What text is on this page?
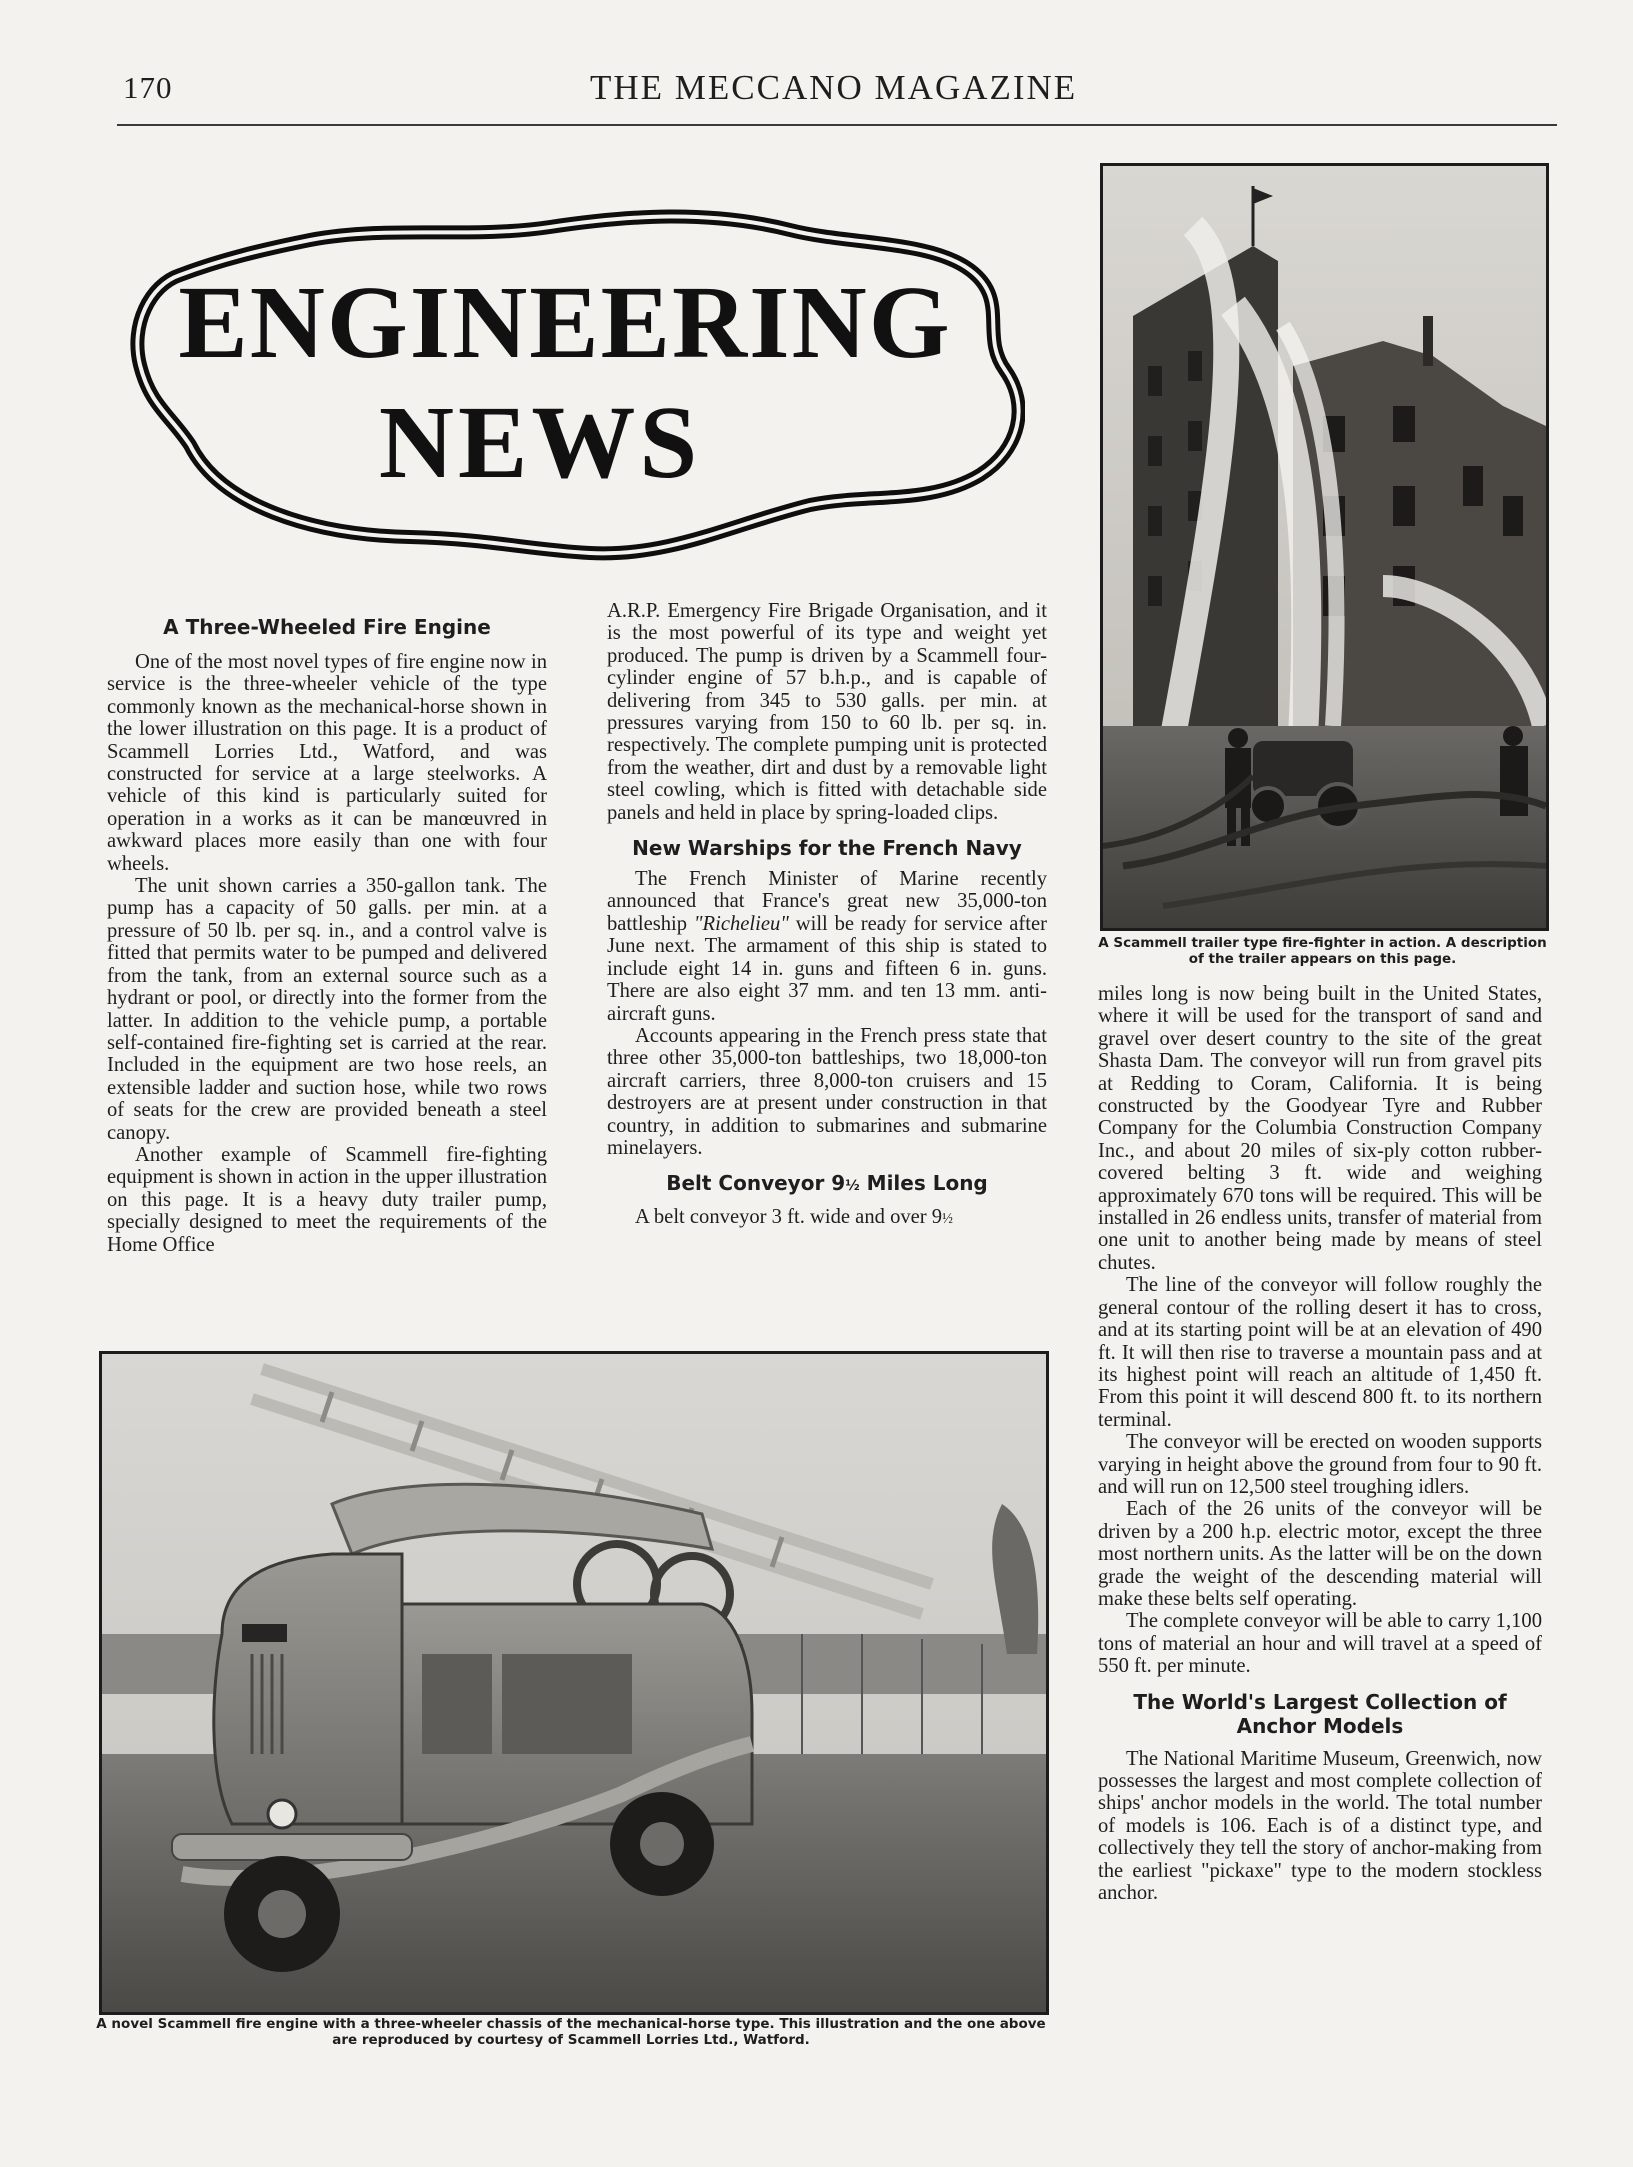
170	THE MECCANO MAGAZINE
ENGINEERING
NEWS
A Three-Wheeled Fire Engine

One of the most novel types of fire engine now in service is the three-wheeler vehicle of the type commonly known as the mechanical-horse shown in the lower illustration on this page. It is a product of Scammell Lorries Ltd., Watford, and was constructed for service at a large steelworks. A vehicle of this kind is particularly suited for operation in a works as it can be manœuvred in awkward places more easily than one with four wheels.

The unit shown carries a 350-gallon tank. The pump has a capacity of 50 galls. per min. at a pressure of 50 lb. per sq. in., and a control valve is fitted that permits water to be pumped and delivered from the tank, from an external source such as a hydrant or pool, or directly into the former from the latter. In addition to the vehicle pump, a portable self-contained fire-fighting set is carried at the rear. Included in the equipment are two hose reels, an extensible ladder and suction hose, while two rows of seats for the crew are provided beneath a steel canopy.

Another example of Scammell fire-fighting equipment is shown in action in the upper illustration on this page. It is a heavy duty trailer pump, specially designed to meet the requirements of the Home Office

A.R.P. Emergency Fire Brigade Organisation, and it is the most powerful of its type and weight yet produced. The pump is driven by a Scammell four-cylinder engine of 57 b.h.p., and is capable of delivering from 345 to 530 galls. per min. at pressures varying from 150 to 60 lb. per sq. in. respectively. The complete pumping unit is protected from the weather, dirt and dust by a removable light steel cowling, which is fitted with detachable side panels and held in place by spring-loaded clips.

New Warships for the French Navy

The French Minister of Marine recently announced that France's great new 35,000-ton battleship "Richelieu" will be ready for service after June next. The armament of this ship is stated to include eight 14 in. guns and fifteen 6 in. guns. There are also eight 37 mm. and ten 13 mm. anti-aircraft guns.

Accounts appearing in the French press state that three other 35,000-ton battleships, two 18,000-ton aircraft carriers, three 8,000-ton cruisers and 15 destroyers are at present under construction in that country, in addition to submarines and submarine minelayers.

Belt Conveyor 9½ Miles Long

A belt conveyor 3 ft. wide and over 9½

A Scammell trailer type fire-fighter in action. A description of the trailer appears on this page.
A novel Scammell fire engine with a three-wheeler chassis of the mechanical-horse type. This illustration and the one above are reproduced by courtesy of Scammell Lorries Ltd., Watford.

miles long is now being built in the United States, where it will be used for the transport of sand and gravel over desert country to the site of the great Shasta Dam. The conveyor will run from gravel pits at Redding to Coram, California. It is being constructed by the Goodyear Tyre and Rubber Company for the Columbia Construction Company Inc., and about 20 miles of six-ply cotton rubber-covered belting 3 ft. wide and weighing approximately 670 tons will be required. This will be installed in 26 endless units, transfer of material from one unit to another being made by means of steel chutes.

The line of the conveyor will follow roughly the general contour of the rolling desert it has to cross, and at its starting point will be at an elevation of 490 ft. It will then rise to traverse a mountain pass and at its highest point will reach an altitude of 1,450 ft. From this point it will descend 800 ft. to its northern terminal.

The conveyor will be erected on wooden supports varying in height above the ground from four to 90 ft. and will run on 12,500 steel troughing idlers.

Each of the 26 units of the conveyor will be driven by a 200 h.p. electric motor, except the three most northern units. As the latter will be on the down grade the weight of the descending material will make these belts self operating.

The complete conveyor will be able to carry 1,100 tons of material an hour and will travel at a speed of 550 ft. per minute.

The World's Largest Collection of Anchor Models

The National Maritime Museum, Greenwich, now possesses the largest and most complete collection of ships' anchor models in the world. The total number of models is 106. Each is of a distinct type, and collectively they tell the story of anchor-making from the earliest "pickaxe" type to the modern stockless anchor.
